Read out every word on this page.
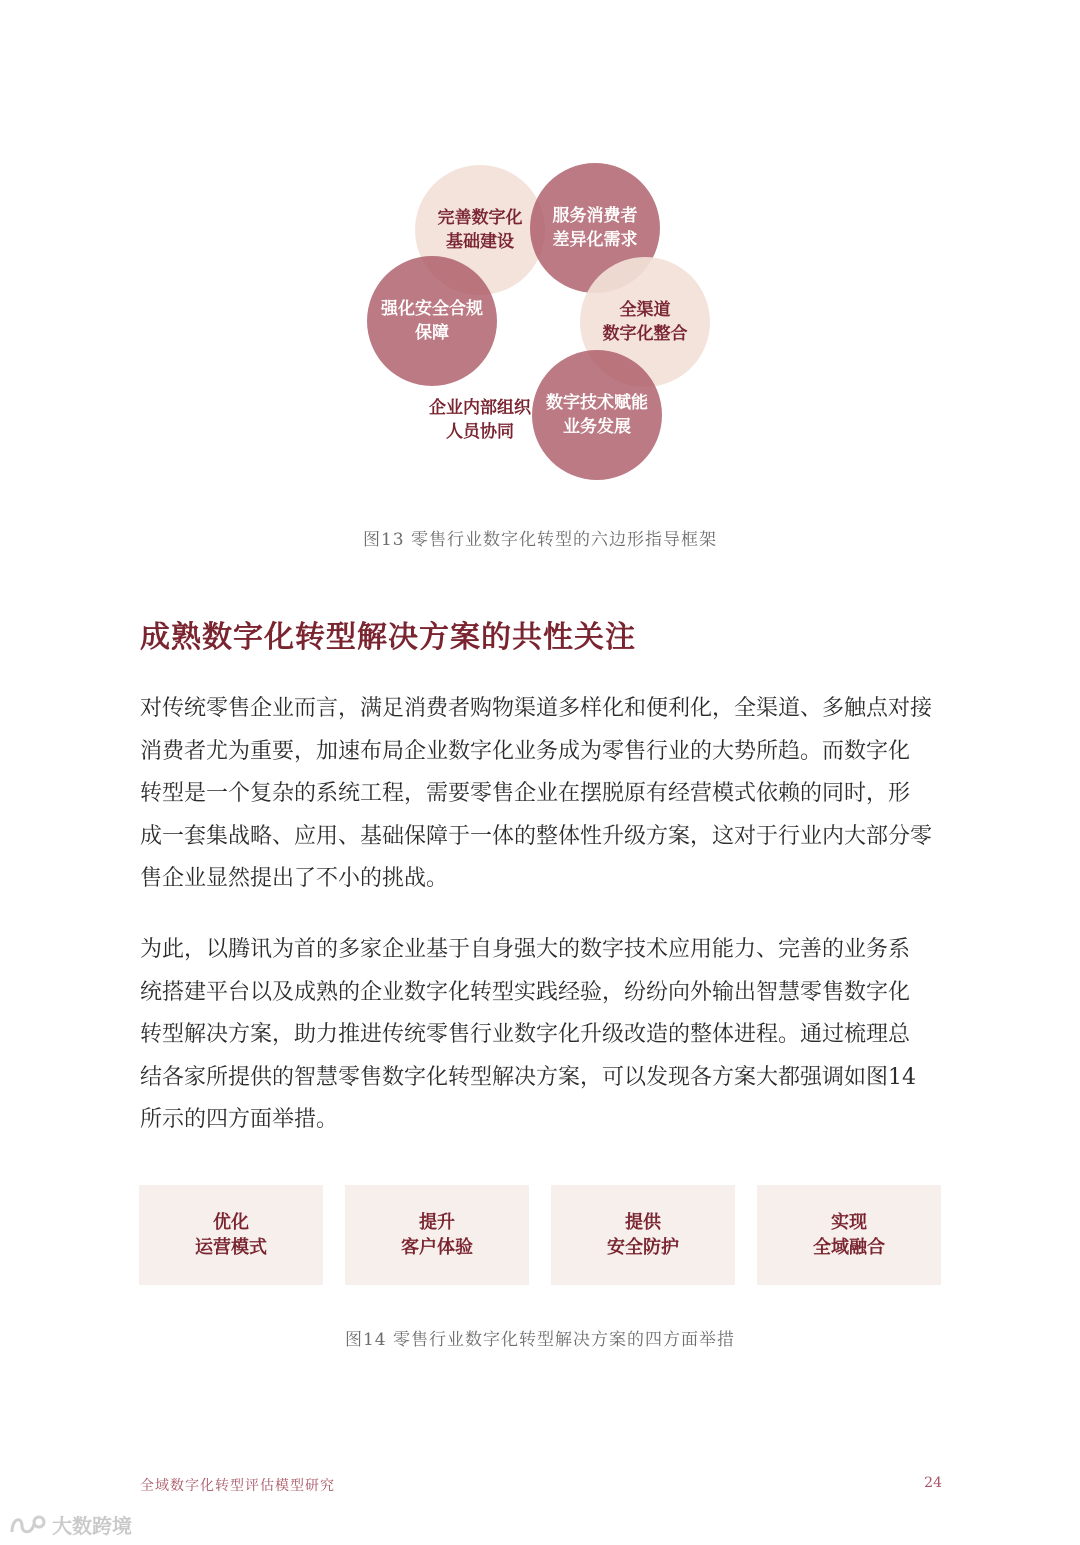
完善数字化
基础建设
服务消费者
差异化需求
强化安全合规
保障
全渠道
数字化整合
数字技术赋能
业务发展
企业内部组织
人员协同
图13 零售行业数字化转型的六边形指导框架
成熟数字化转型解决方案的共性关注
对传统零售企业而言，满足消费者购物渠道多样化和便利化，全渠道、多触点对接
消费者尤为重要，加速布局企业数字化业务成为零售行业的大势所趋。而数字化
转型是一个复杂的系统工程，需要零售企业在摆脱原有经营模式依赖的同时，形
成一套集战略、应用、基础保障于一体的整体性升级方案，这对于行业内大部分零
售企业显然提出了不小的挑战。
为此，以腾讯为首的多家企业基于自身强大的数字技术应用能力、完善的业务系
统搭建平台以及成熟的企业数字化转型实践经验，纷纷向外输出智慧零售数字化
转型解决方案，助力推进传统零售行业数字化升级改造的整体进程。通过梳理总
结各家所提供的智慧零售数字化转型解决方案，可以发现各方案大都强调如图14
所示的四方面举措。
优化
运营模式
提升
客户体验
提供
安全防护
实现
全域融合
图14 零售行业数字化转型解决方案的四方面举措
全域数字化转型评估模型研究	24
大数跨境
